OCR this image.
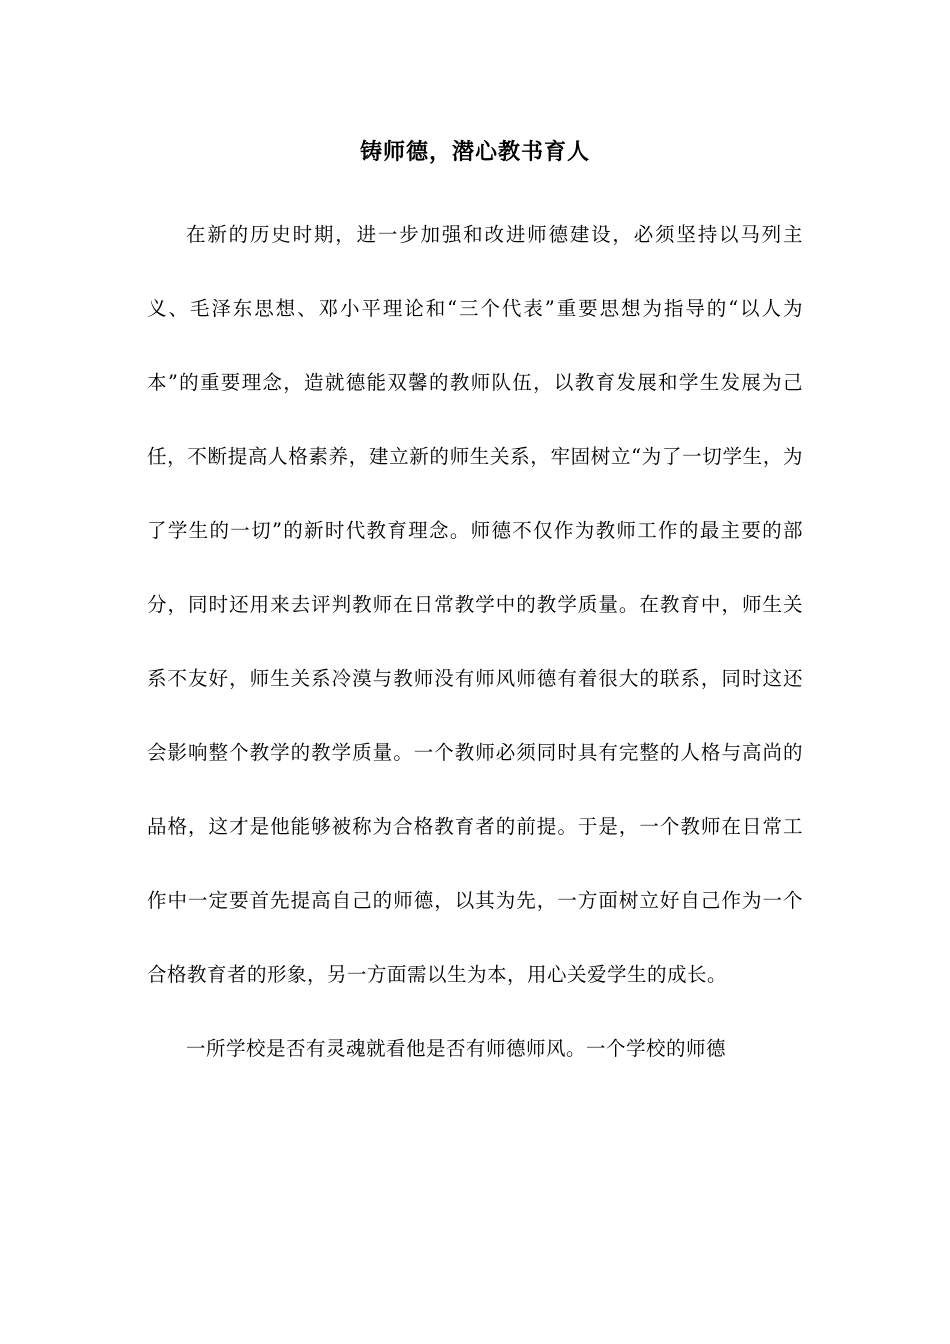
铸师德，潜心教书育人

在新的历史时期，进一步加强和改进师德建设，必须坚持以马列主义、毛泽东思想、邓小平理论和“三个代表”重要思想为指导的“以人为本”的重要理念，造就德能双馨的教师队伍，以教育发展和学生发展为己任，不断提高人格素养，建立新的师生关系，牢固树立“为了一切学生，为了学生的一切”的新时代教育理念。师德不仅作为教师工作的最主要的部分，同时还用来去评判教师在日常教学中的教学质量。在教育中，师生关系不友好，师生关系冷漠与教师没有师风师德有着很大的联系，同时这还会影响整个教学的教学质量。一个教师必须同时具有完整的人格与高尚的品格，这才是他能够被称为合格教育者的前提。于是，一个教师在日常工作中一定要首先提高自己的师德，以其为先，一方面树立好自己作为一个合格教育者的形象，另一方面需以生为本，用心关爱学生的成长。

一所学校是否有灵魂就看他是否有师德师风。一个学校的师德
